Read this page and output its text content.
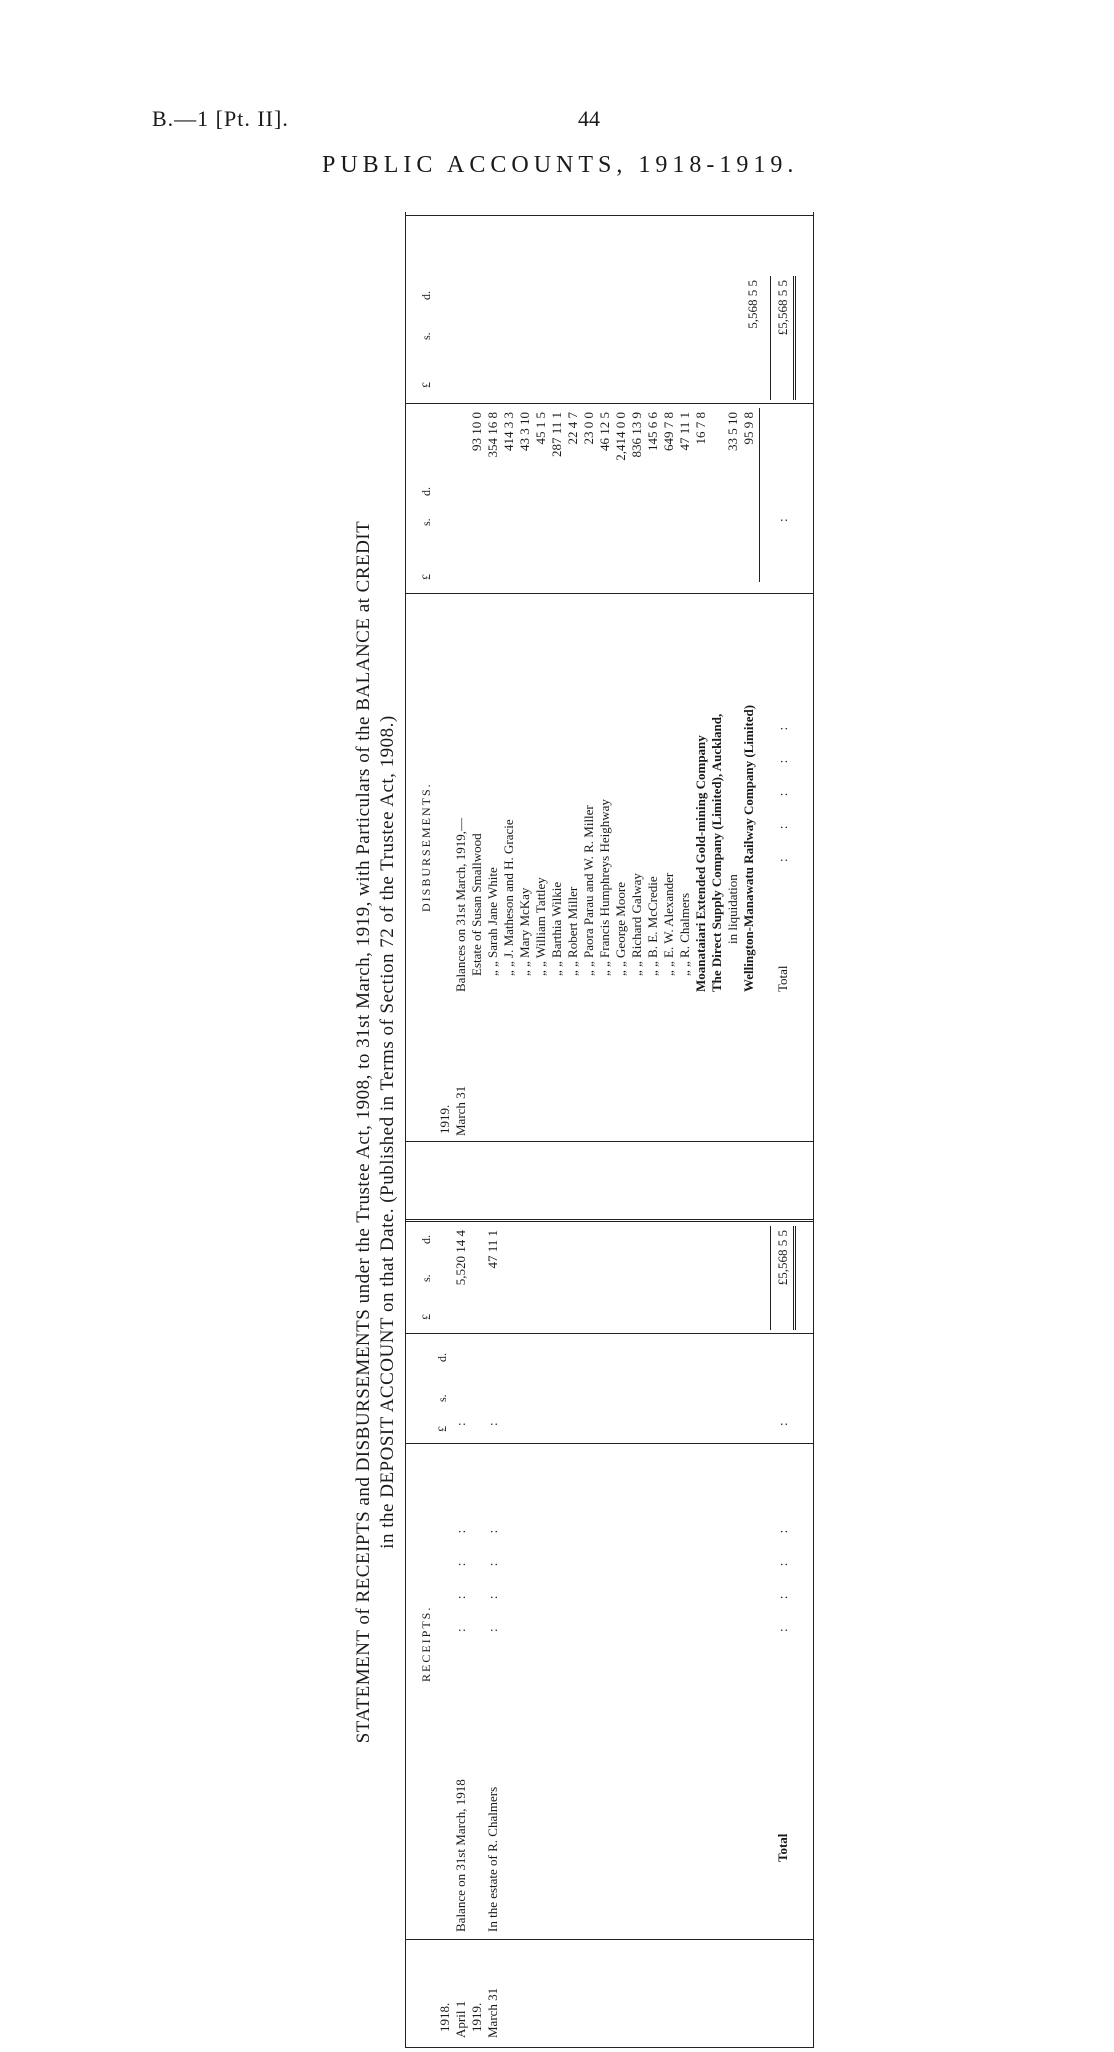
B.—1 [Pt. II].	44
PUBLIC ACCOUNTS, 1918-1919.
STATEMENT of RECEIPTS and DISBURSEMENTS under the Trustee Act, 1908, to 31st March, 1919, with Particulars of the BALANCE at CREDIT in the DEPOSIT ACCOUNT on that Date. (Published in Terms of Section 72 of the Trustee Act, 1908.)
RECEIPTS.
£
s.
d.
£
s.
d.
1918. April 1
Balance on 31st March, 1918
:         :         :         :
:
5,520 14 4
1919. March 31
In the estate of R. Chalmers
:         :         :         :
:
47 11 1
Total
:         :         :         :
:
£5,568 5 5
DISBURSEMENTS.
1919. March 31
£
s.
d.
£
s.
d.
Balances on 31st March, 1919,— Estate of Susan Smallwood
93 10 0
„ „ Sarah Jane White
354 16 8
„ „ J. Matheson and H. Gracie
414 3 3
„ „ Mary McKay
43 3 10
„ „ William Tattley
45 1 5
„ „ Barthia Wilkie
287 11 1
„ „ Robert Miller
22 4 7
„ „ Paora Parau and W. R. Miller
23 0 0
„ „ Francis Humphreys Heighway
46 12 5
„ „ George Moore
2,414 0 0
„ „ Richard Galway
836 13 9
„ „ B. E. McCredie
145 6 6
„ „ E. W. Alexander
649 7 8
„ „ R. Chalmers
47 11 1
Moanataiari Extended Gold-mining Company
16 7 8
The Direct Supply Company (Limited), Auckland, in liquidation
33 5 10
Wellington-Manawatu Railway Company (Limited)
95 9 8
5,568 5 5
Total
:         :         :         :         :
:
£5,568 5 5
